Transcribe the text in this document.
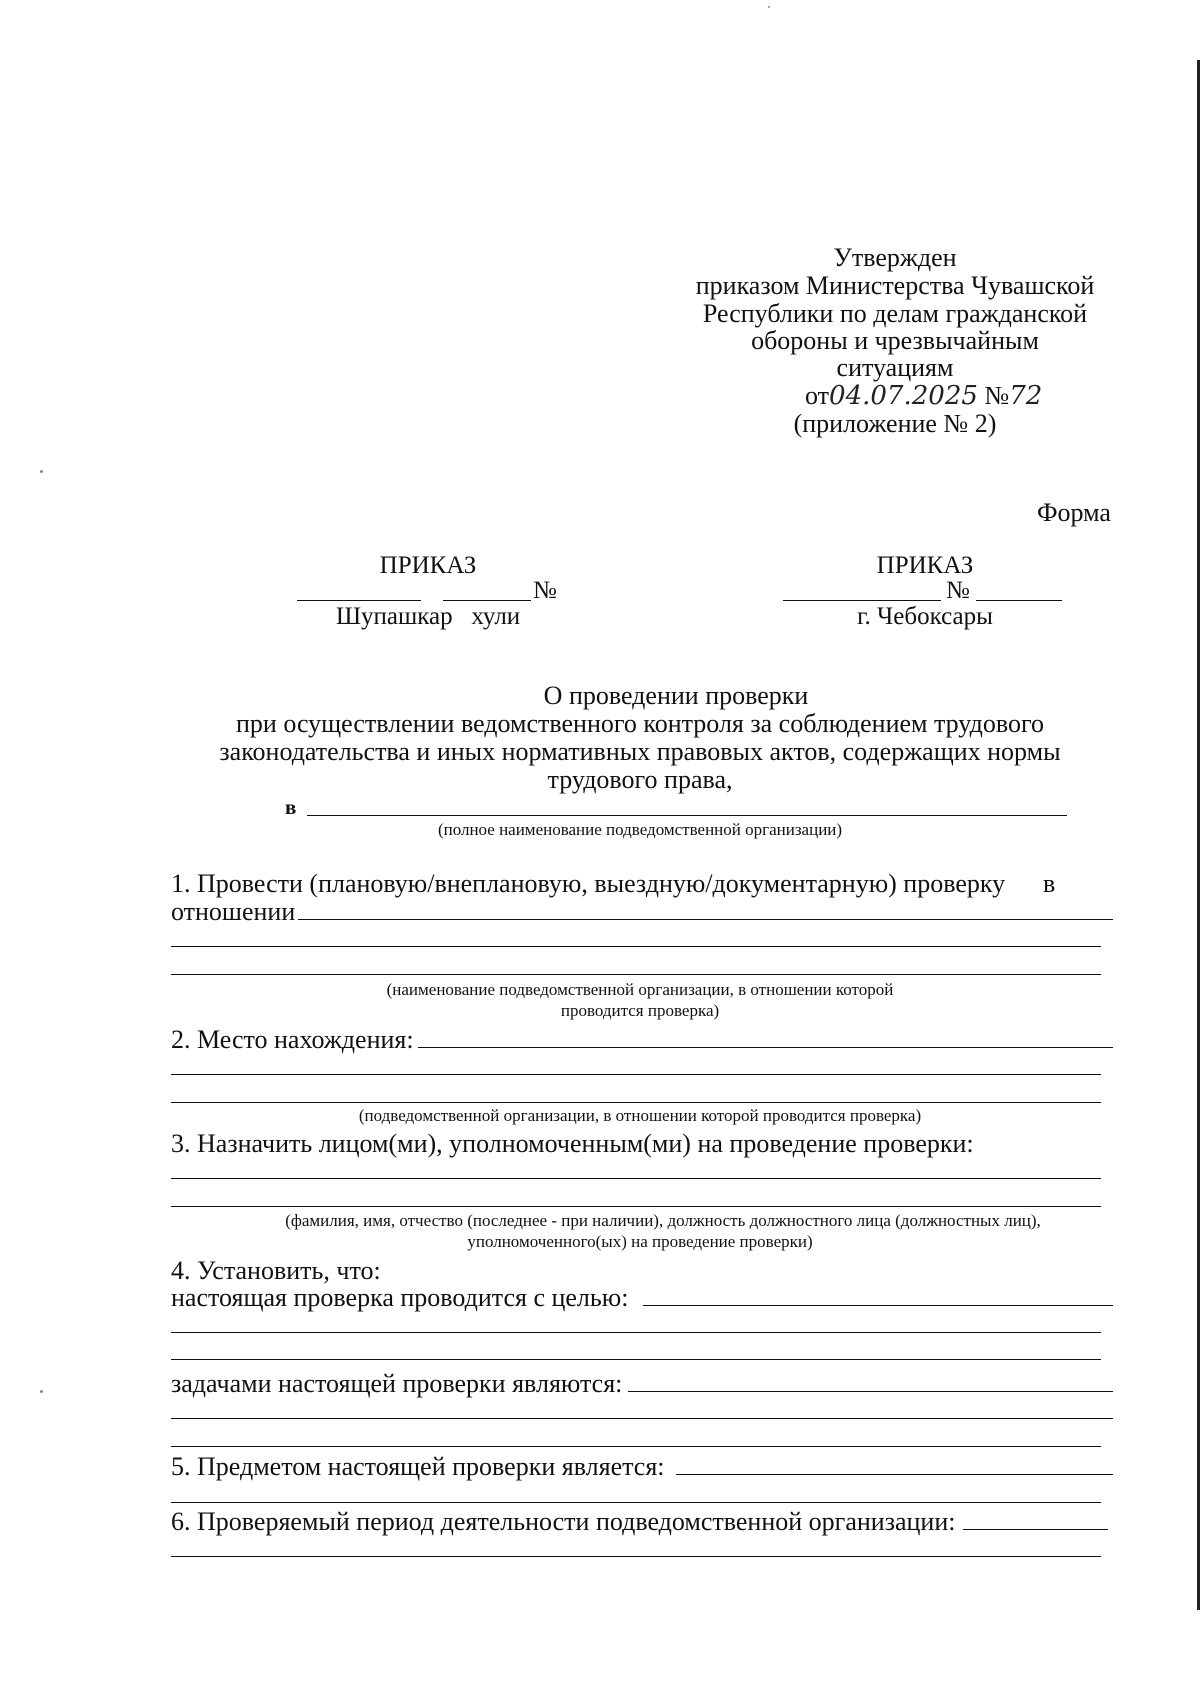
Утвержден
приказом Министерства Чувашской
Республики по делам гражданской
обороны и чрезвычайным
ситуациям
от04.07.2025 №72
(приложение № 2)
Форма
ПРИКАЗ
№
Шупашкар   хули
ПРИКАЗ
№
г. Чебоксары
О проведении проверки
при осуществлении ведомственного контроля за соблюдением трудового
законодательства и иных нормативных правовых актов, содержащих нормы
трудового права,
в
(полное наименование подведомственной организации)
1. Провести (плановую/внеплановую, выездную/документарную) проверку в
отношении
(наименование подведомственной организации, в отношении которой
проводится проверка)
2. Место нахождения:
(подведомственной организации, в отношении которой проводится проверка)
3. Назначить лицом(ми), уполномоченным(ми) на проведение проверки:
(фамилия, имя, отчество (последнее - при наличии), должность должностного лица (должностных лиц),
уполномоченного(ых) на проведение проверки)
4. Установить, что:
настоящая проверка проводится с целью:
задачами настоящей проверки являются:
5. Предметом настоящей проверки является:
6. Проверяемый период деятельности подведомственной организации:
